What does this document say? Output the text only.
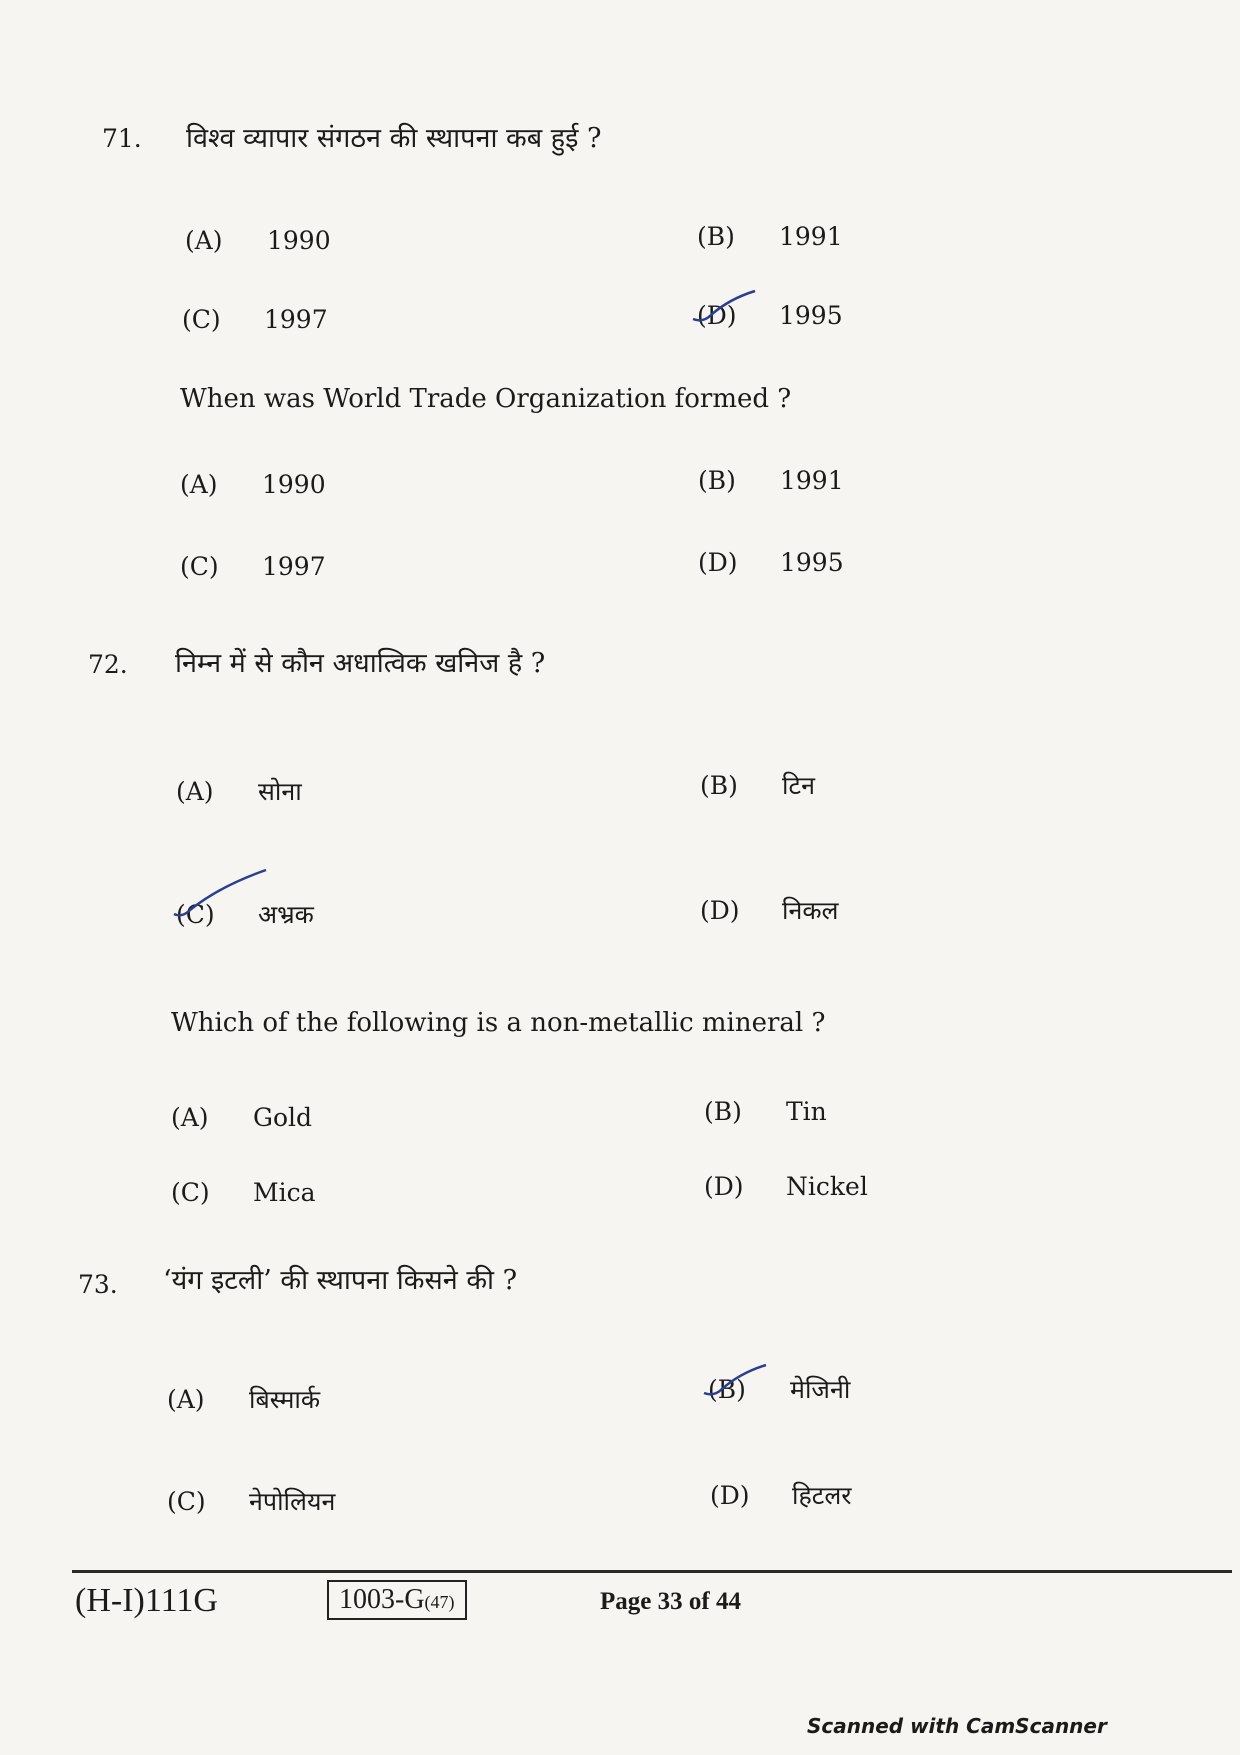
71. विश्व व्यापार संगठन की स्थापना कब हुई ?
(A)	1990	(B)	1991
(C)	1997	(D)	1995
When was World Trade Organization formed ?
(A)	1990	(B)	1991
(C)	1997	(D)	1995
72. निम्न में से कौन अधात्विक खनिज है ?
(A)	सोना	(B)	टिन
(C)	अभ्रक	(D)	निकल
Which of the following is a non-metallic mineral ?
(A)	Gold	(B)	Tin
(C)	Mica	(D)	Nickel
73. ‘यंग इटली’ की स्थापना किसने की ?
(A)	बिस्मार्क	(B)	मेजिनी
(C)	नेपोलियन	(D)	हिटलर
(H-I)111G	1003-G(47)	Page 33 of 44
Scanned with CamScanner
